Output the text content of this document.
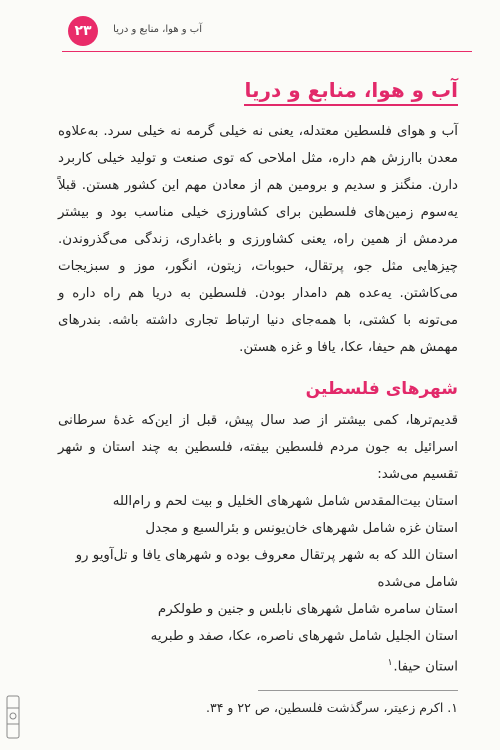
۲۳	آب و هوا، منابع و دریا
آب و هوا، منابع و دریا

آب و هوای فلسطین معتدله، یعنی نه خیلی گرمه نه خیلی سرد. به‌علاوه معدن باارزش هم داره، مثل املاحی که توی صنعت و تولید خیلی کاربرد دارن. منگنز و سدیم و برومین هم از معادن مهم این کشور هستن. قبلاً یه‌سوم زمین‌های فلسطین برای کشاورزی خیلی مناسب بود و بیشتر مردمش از همین راه، یعنی کشاورزی و باغداری، زندگی می‌گذروندن. چیزهایی مثل جو، پرتقال، حبوبات، زیتون، انگور، موز و سبزیجات می‌کاشتن. یه‌عده هم دامدار بودن. فلسطین به دریا هم راه داره و می‌تونه با کشتی، با همه‌جای دنیا ارتباط تجاری داشته باشه. بندرهای مهمش هم حیفا، عکا، یافا و غزه هستن.

شهرهای فلسطین

قدیم‌ترها، کمی بیشتر از صد سال پیش، قبل از این‌که غدهٔ سرطانی اسرائیل به جون مردم فلسطین بیفته، فلسطین به چند استان و شهر تقسیم می‌شد:

استان بیت‌المقدس شامل شهرهای الخلیل و بیت لحم و رام‌الله

استان غزه شامل شهرهای خان‌یونس و بئرالسبع و مجدل

استان اللد که به شهر پرتقال معروف بوده و شهرهای یافا و تل‌آویو رو شامل می‌شده

استان سامره شامل شهرهای نابلس و جنین و طولکرم

استان الجلیل شامل شهرهای ناصره، عکا، صفد و طبریه

استان حیفا.$^۱$

۱. اکرم زعیتر، سرگذشت فلسطین، ص ۲۲ و ۳۴.
